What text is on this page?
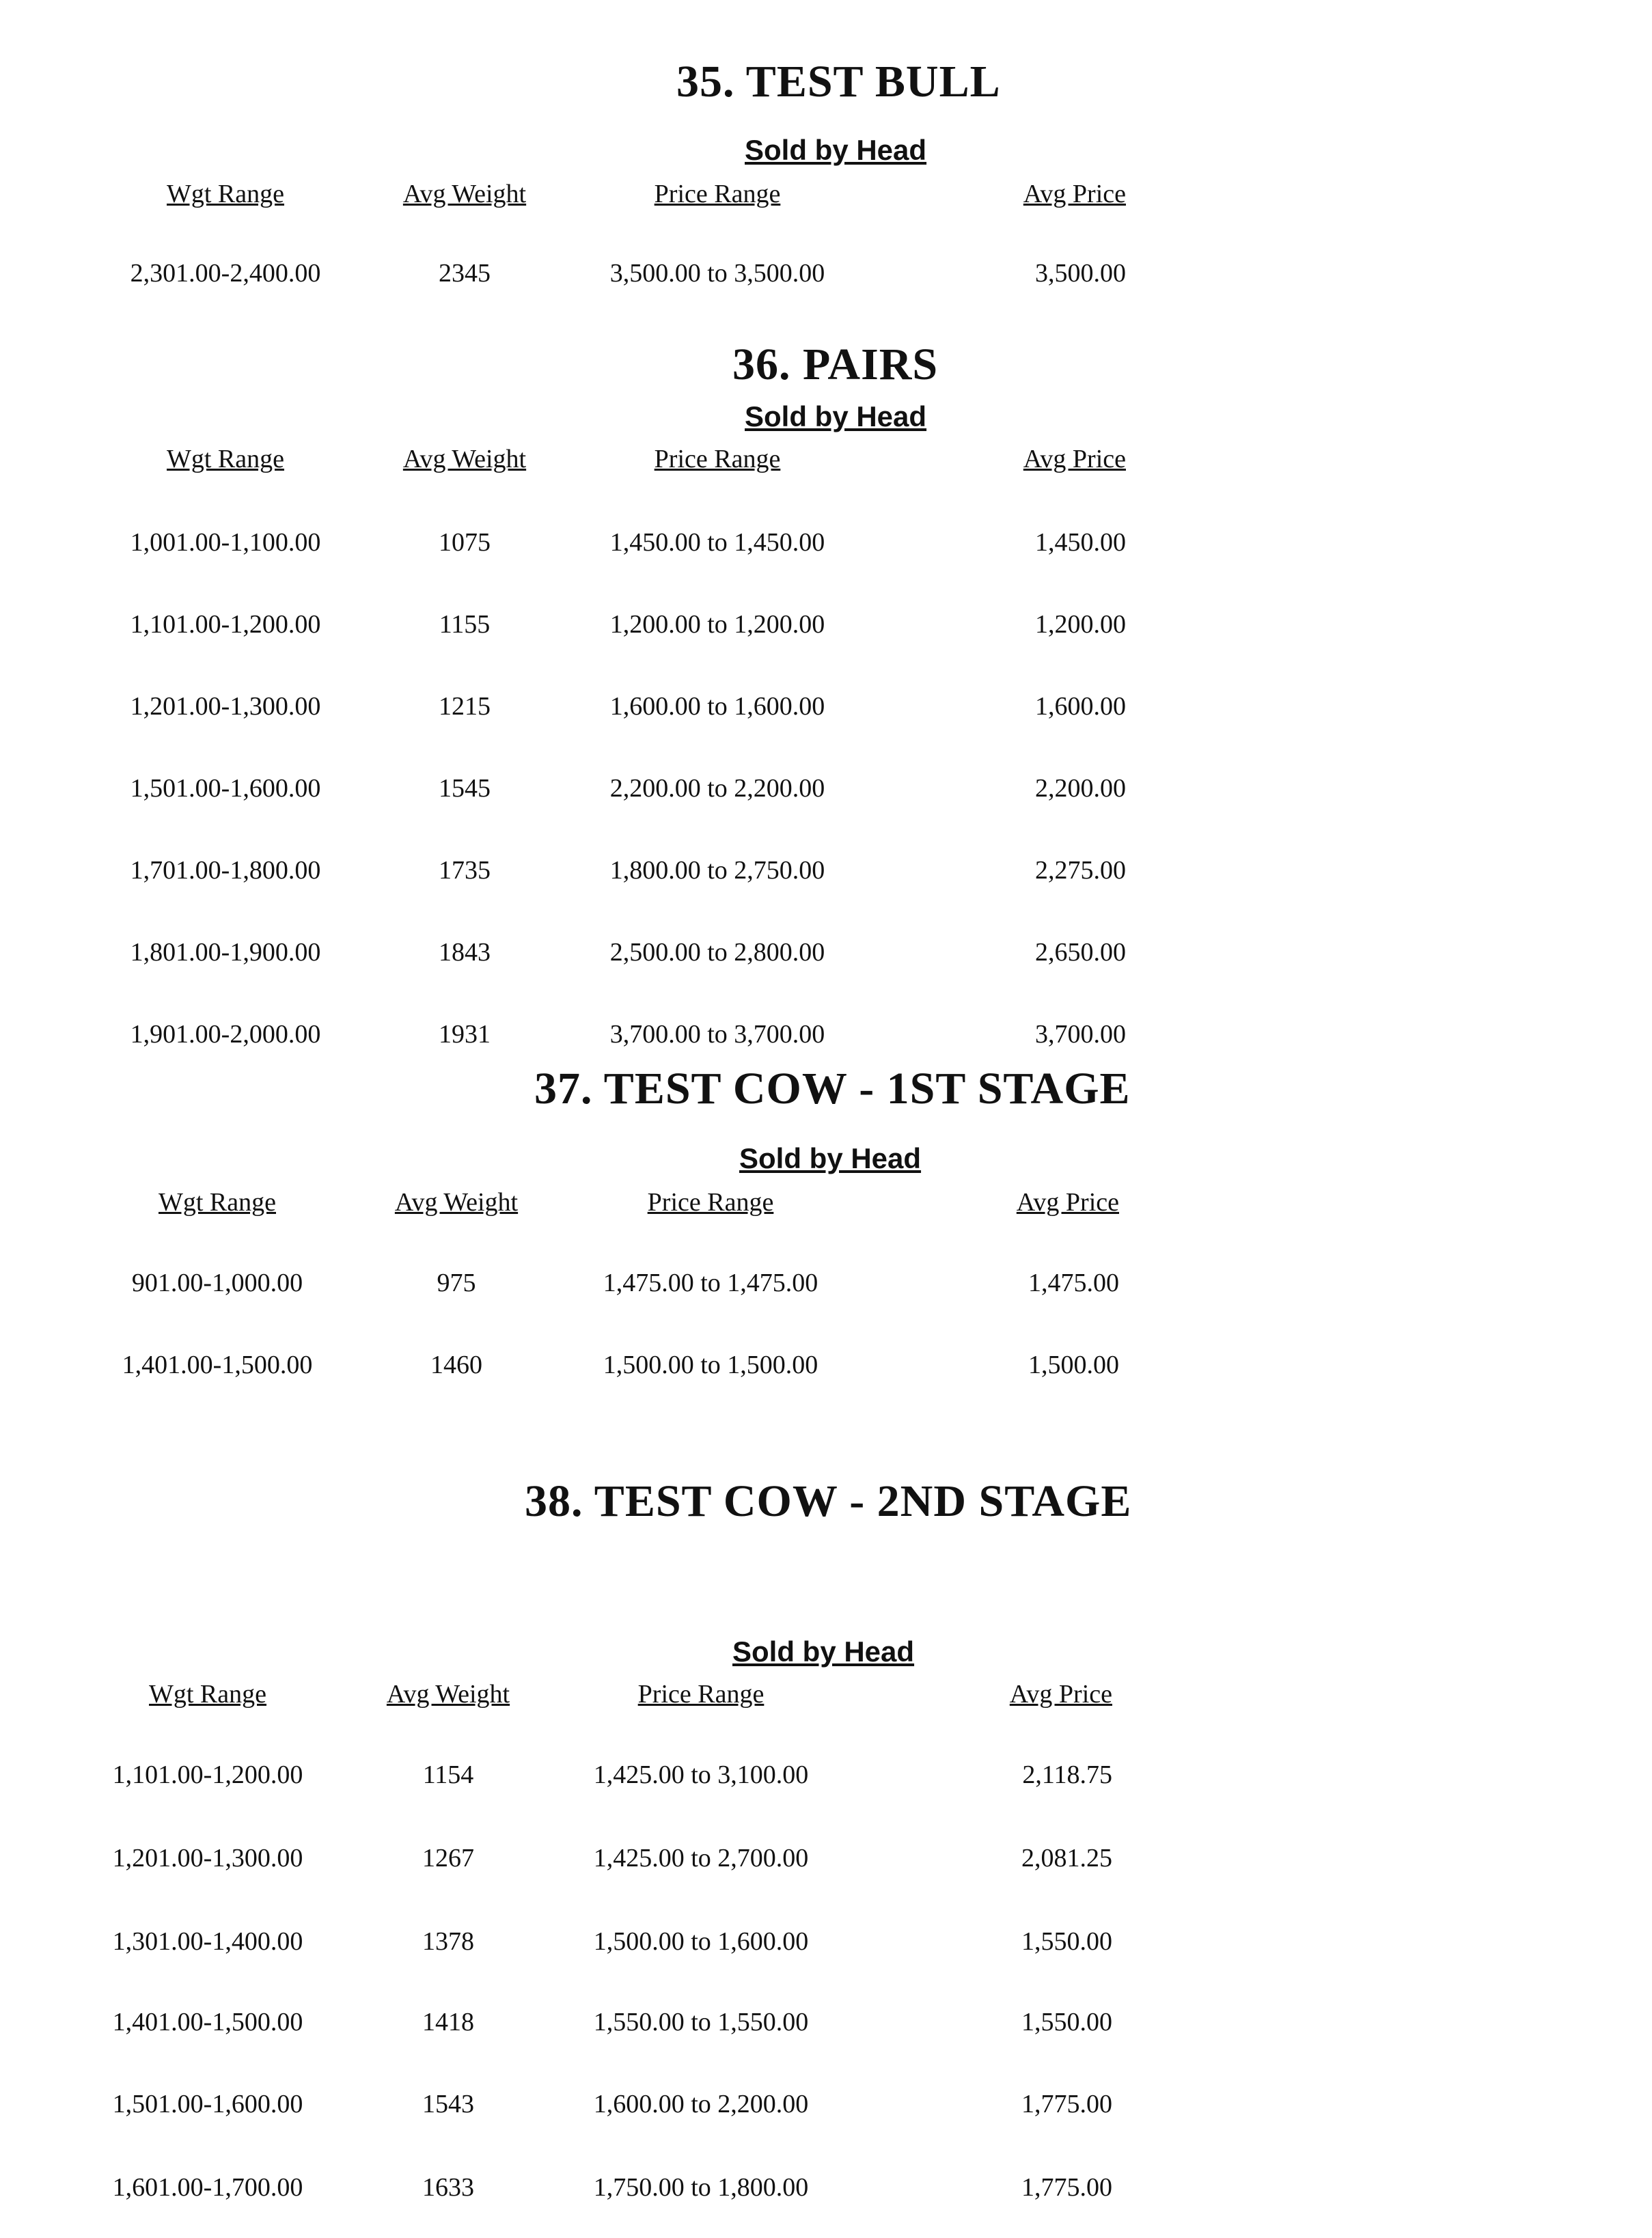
35. TEST BULL
Sold by Head
Wgt Range	Avg Weight	Price Range	Avg Price
2,301.00-2,400.00	2345	3,500.00 to 3,500.00	3,500.00
36. PAIRS
Sold by Head
Wgt Range	Avg Weight	Price Range	Avg Price
1,001.00-1,100.00	1075	1,450.00 to 1,450.00	1,450.00
1,101.00-1,200.00	1155	1,200.00 to 1,200.00	1,200.00
1,201.00-1,300.00	1215	1,600.00 to 1,600.00	1,600.00
1,501.00-1,600.00	1545	2,200.00 to 2,200.00	2,200.00
1,701.00-1,800.00	1735	1,800.00 to 2,750.00	2,275.00
1,801.00-1,900.00	1843	2,500.00 to 2,800.00	2,650.00
1,901.00-2,000.00	1931	3,700.00 to 3,700.00	3,700.00
37. TEST COW - 1ST STAGE
Sold by Head
Wgt Range	Avg Weight	Price Range	Avg Price
901.00-1,000.00	975	1,475.00 to 1,475.00	1,475.00
1,401.00-1,500.00	1460	1,500.00 to 1,500.00	1,500.00
38. TEST COW - 2ND STAGE
Sold by Head
Wgt Range	Avg Weight	Price Range	Avg Price
1,101.00-1,200.00	1154	1,425.00 to 3,100.00	2,118.75
1,201.00-1,300.00	1267	1,425.00 to 2,700.00	2,081.25
1,301.00-1,400.00	1378	1,500.00 to 1,600.00	1,550.00
1,401.00-1,500.00	1418	1,550.00 to 1,550.00	1,550.00
1,501.00-1,600.00	1543	1,600.00 to 2,200.00	1,775.00
1,601.00-1,700.00	1633	1,750.00 to 1,800.00	1,775.00
